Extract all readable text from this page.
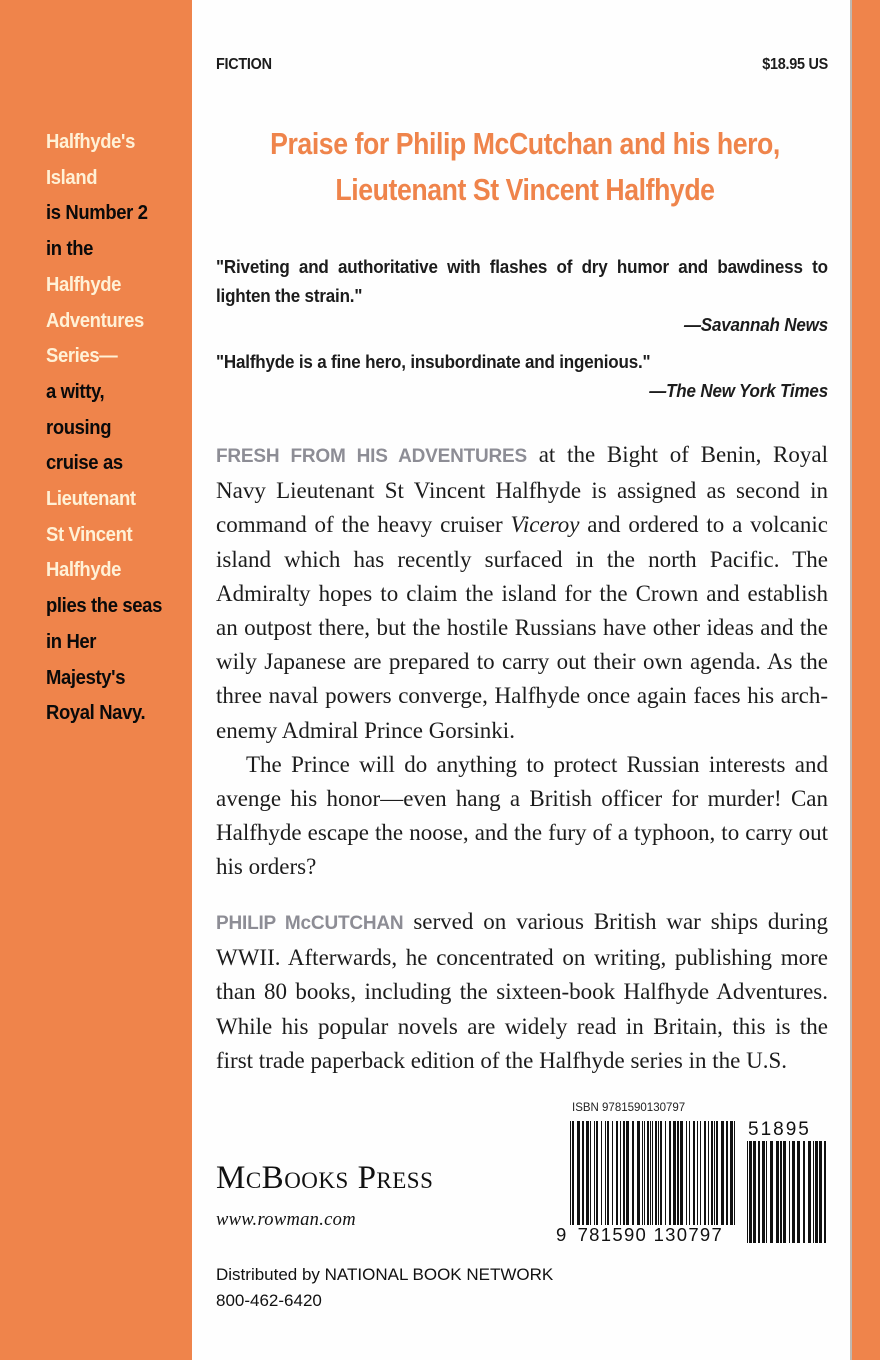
Halfhyde's
Island
is Number 2
in the
Halfhyde
Adventures
Series—
a witty,
rousing
cruise as
Lieutenant
St Vincent
Halfhyde
plies the seas
in Her
Majesty's
Royal Navy.
FICTION	$18.95 US
Praise for Philip McCutchan and his hero,
Lieutenant St Vincent Halfhyde
"Riveting and authoritative with flashes of dry humor and bawdiness to lighten the strain."
—Savannah News
"Halfhyde is a fine hero, insubordinate and ingenious."
—The New York Times

FRESH FROM HIS ADVENTURES at the Bight of Benin, Royal Navy Lieutenant St Vincent Halfhyde is assigned as second in command of the heavy cruiser Viceroy and ordered to a volcanic island which has recently surfaced in the north Pacific. The Admiralty hopes to claim the island for the Crown and establish an outpost there, but the hostile Russians have other ideas and the wily Japanese are prepared to carry out their own agenda. As the three naval powers converge, Halfhyde once again faces his arch-enemy Admiral Prince Gorsinki.

The Prince will do anything to protect Russian interests and avenge his honor—even hang a British officer for murder! Can Halfhyde escape the noose, and the fury of a typhoon, to carry out his orders?

PHILIP McCUTCHAN served on various British war ships during WWII. Afterwards, he concentrated on writing, publishing more than 80 books, including the sixteen-book Halfhyde Adventures. While his popular novels are widely read in Britain, this is the first trade paperback edition of the Halfhyde series in the U.S.

ISBN 9781590130797
51895
9 781590 130797
McBooks Press
www.rowman.com
Distributed by NATIONAL BOOK NETWORK
800-462-6420
